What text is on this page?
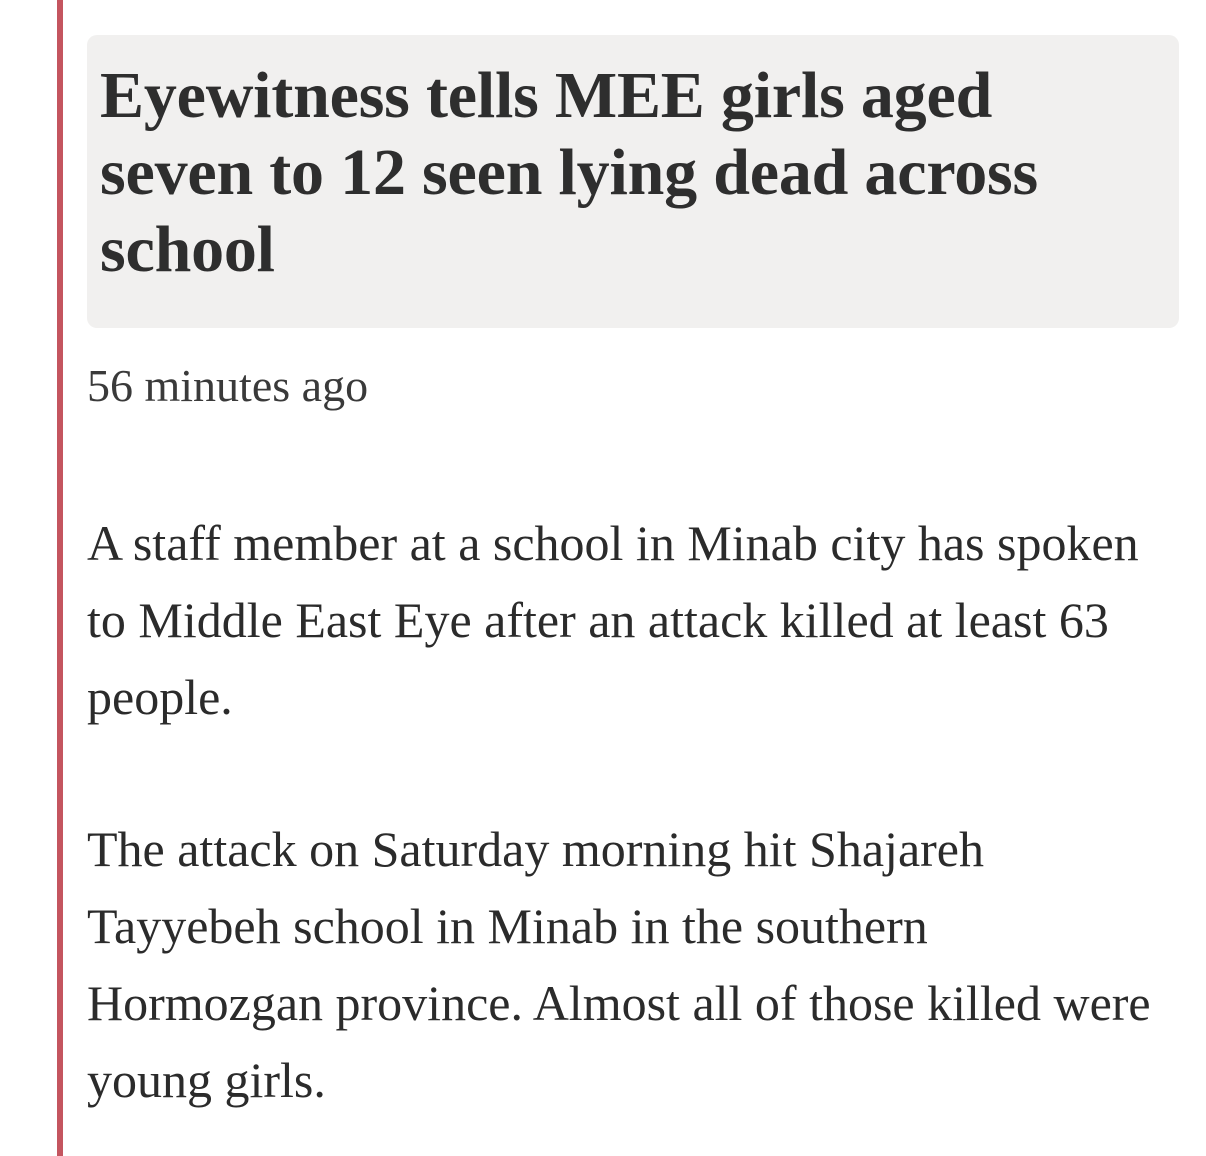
Eyewitness tells MEE girls aged seven to 12 seen lying dead across school

56 minutes ago

A staff member at a school in Minab city has spoken to Middle East Eye after an attack killed at least 63 people.

The attack on Saturday morning hit Shajareh Tayyebeh school in Minab in the southern Hormozgan province. Almost all of those killed were young girls.
